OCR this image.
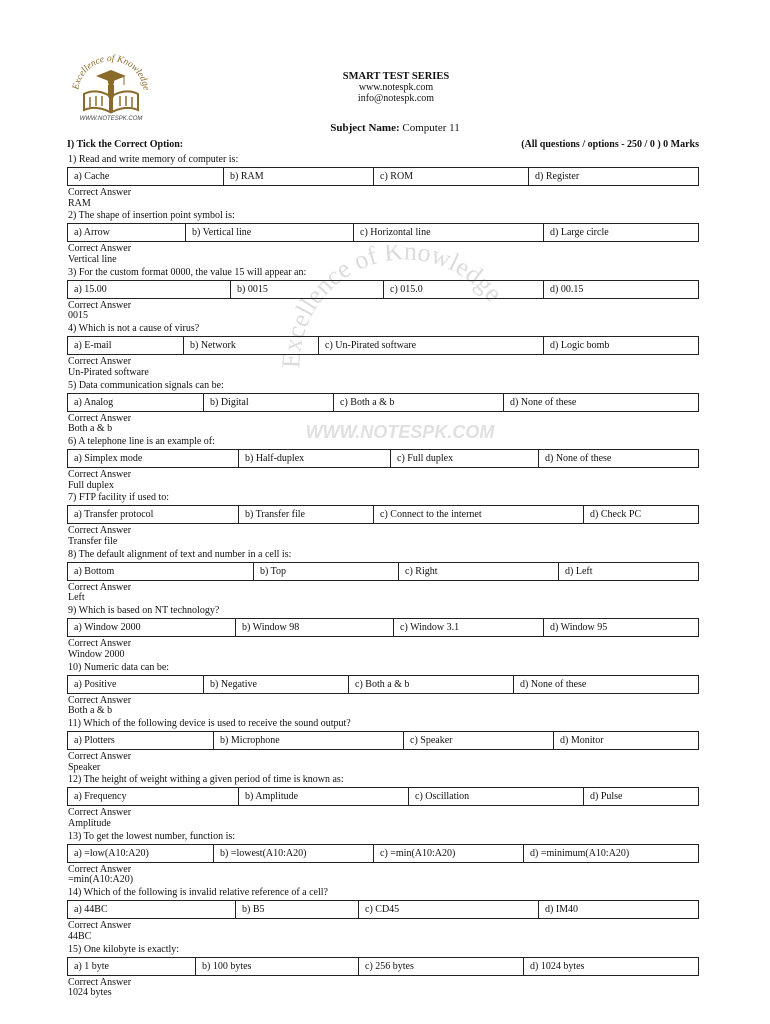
Excellence of Knowledge
WWW.NOTESPK.COM
SMART TEST SERIES
www.notespk.com
info@notespk.com
Subject Name: Computer 11
I) Tick the Correct Option:	(All questions / options - 250 / 0 ) 0 Marks
Excellence of Knowledge
WWW.NOTESPK.COM
1) Read and write memory of computer is:
a) Cache	b) RAM	c) ROM	d) Register
Correct Answer
RAM
2) The shape of insertion point symbol is:
a) Arrow	b) Vertical line	c) Horizontal line	d) Large circle
Correct Answer
Vertical line
3) For the custom format 0000, the value 15 will appear an:
a) 15.00	b) 0015	c) 015.0	d) 00.15
Correct Answer
0015
4) Which is not a cause of virus?
a) E-mail	b) Network	c) Un-Pirated software	d) Logic bomb
Correct Answer
Un-Pirated software
5) Data communication signals can be:
a) Analog	b) Digital	c) Both a & b	d) None of these
Correct Answer
Both a & b
6) A telephone line is an example of:
a) Simplex mode	b) Half-duplex	c) Full duplex	d) None of these
Correct Answer
Full duplex
7) FTP facility if used to:
a) Transfer protocol	b) Transfer file	c) Connect to the internet	d) Check PC
Correct Answer
Transfer file
8) The default alignment of text and number in a cell is:
a) Bottom	b) Top	c) Right	d) Left
Correct Answer
Left
9) Which is based on NT technology?
a) Window 2000	b) Window 98	c) Window 3.1	d) Window 95
Correct Answer
Window 2000
10) Numeric data can be:
a) Positive	b) Negative	c) Both a & b	d) None of these
Correct Answer
Both a & b
11) Which of the following device is used to receive the sound output?
a) Plotters	b) Microphone	c) Speaker	d) Monitor
Correct Answer
Speaker
12) The height of weight withing a given period of time is known as:
a) Frequency	b) Amplitude	c) Oscillation	d) Pulse
Correct Answer
Amplitude
13) To get the lowest number, function is:
a) =low(A10:A20)	b) =lowest(A10:A20)	c) =min(A10:A20)	d) =minimum(A10:A20)
Correct Answer
=min(A10:A20)
14) Which of the following is invalid relative reference of a cell?
a) 44BC	b) B5	c) CD45	d) IM40
Correct Answer
44BC
15) One kilobyte is exactly:
a) 1 byte	b) 100 bytes	c) 256 bytes	d) 1024 bytes
Correct Answer
1024 bytes
